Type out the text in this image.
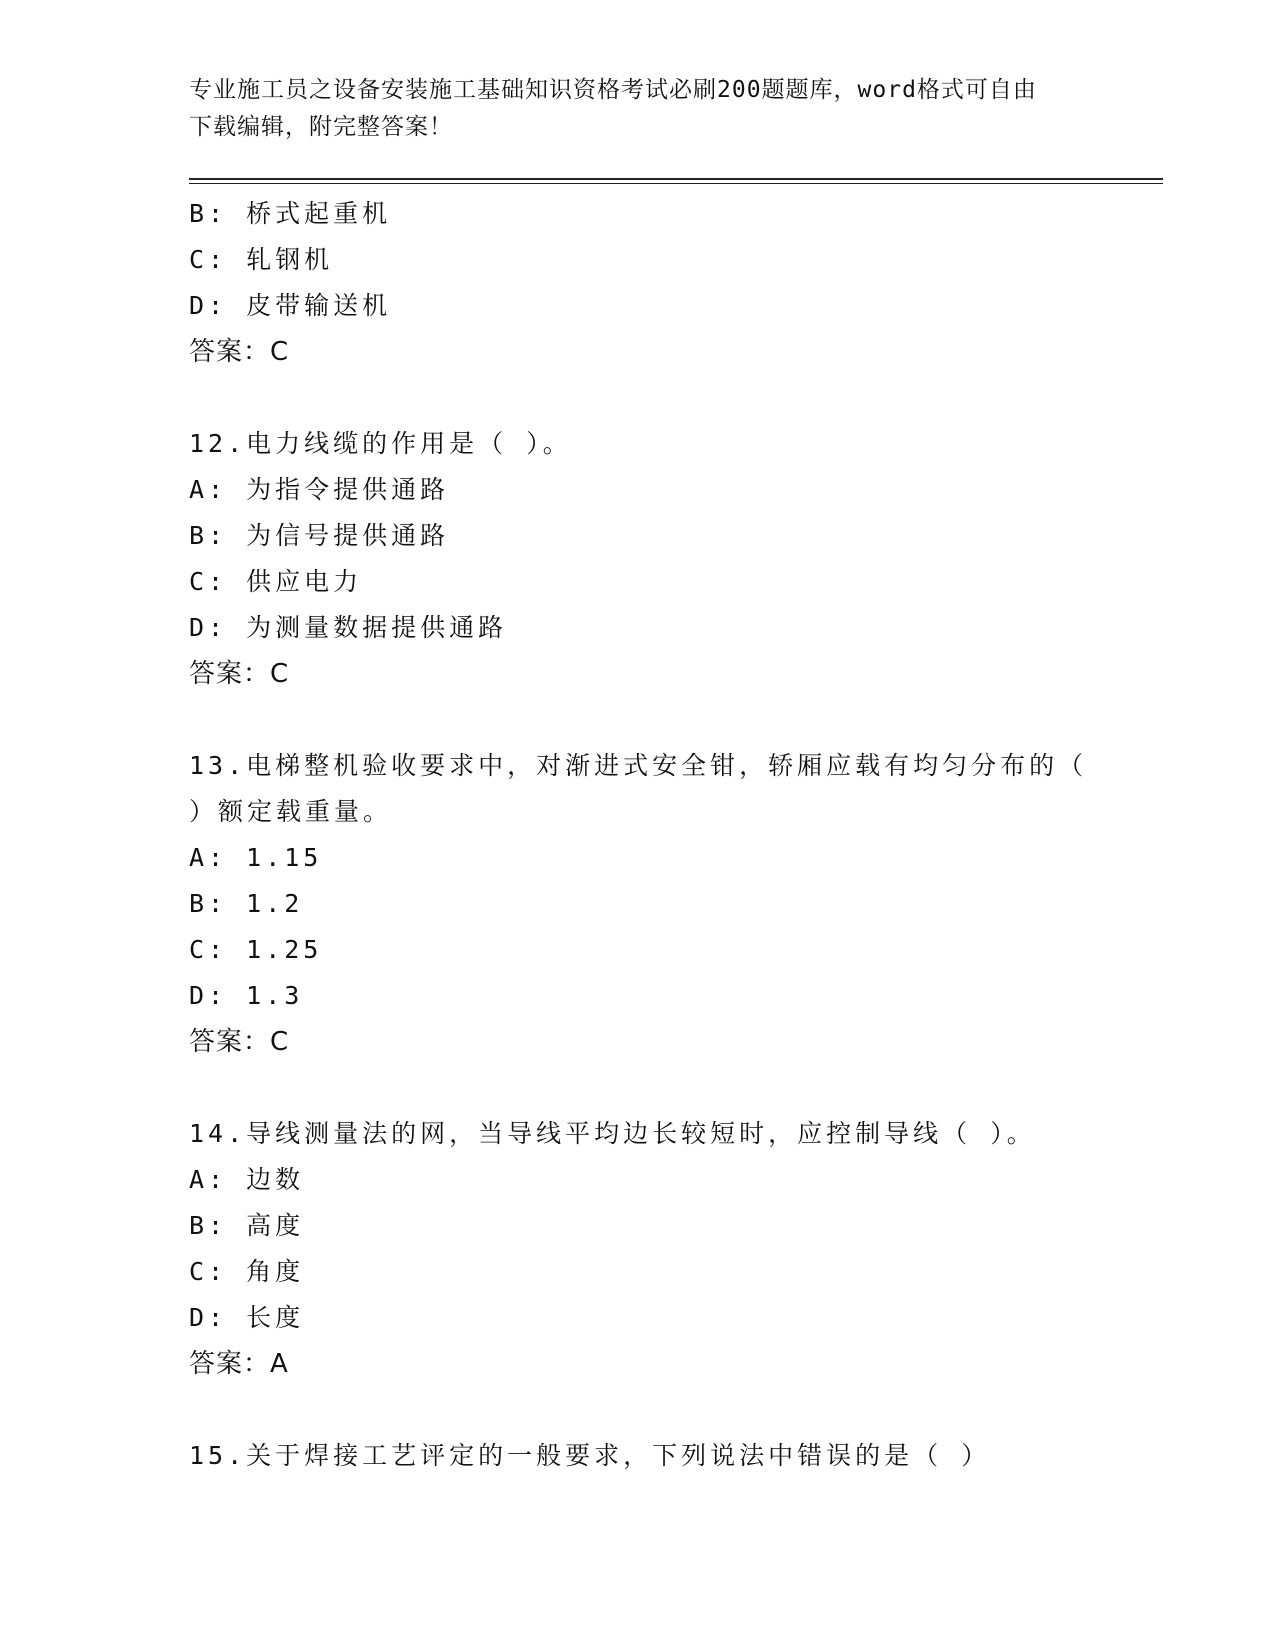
专业施工员之设备安装施工基础知识资格考试必刷200题题库，word格式可自由
下载编辑，附完整答案！
B: 桥式起重机
C: 轧钢机
D: 皮带输送机
答案：C
12.电力线缆的作用是（ ）。
A: 为指令提供通路
B: 为信号提供通路
C: 供应电力
D: 为测量数据提供通路
答案：C
13.电梯整机验收要求中，对渐进式安全钳，轿厢应载有均匀分布的（
）额定载重量。
A: 1.15
B: 1.2
C: 1.25
D: 1.3
答案：C
14.导线测量法的网，当导线平均边长较短时，应控制导线（ ）。
A: 边数
B: 高度
C: 角度
D: 长度
答案：A
15.关于焊接工艺评定的一般要求，下列说法中错误的是（ ）
